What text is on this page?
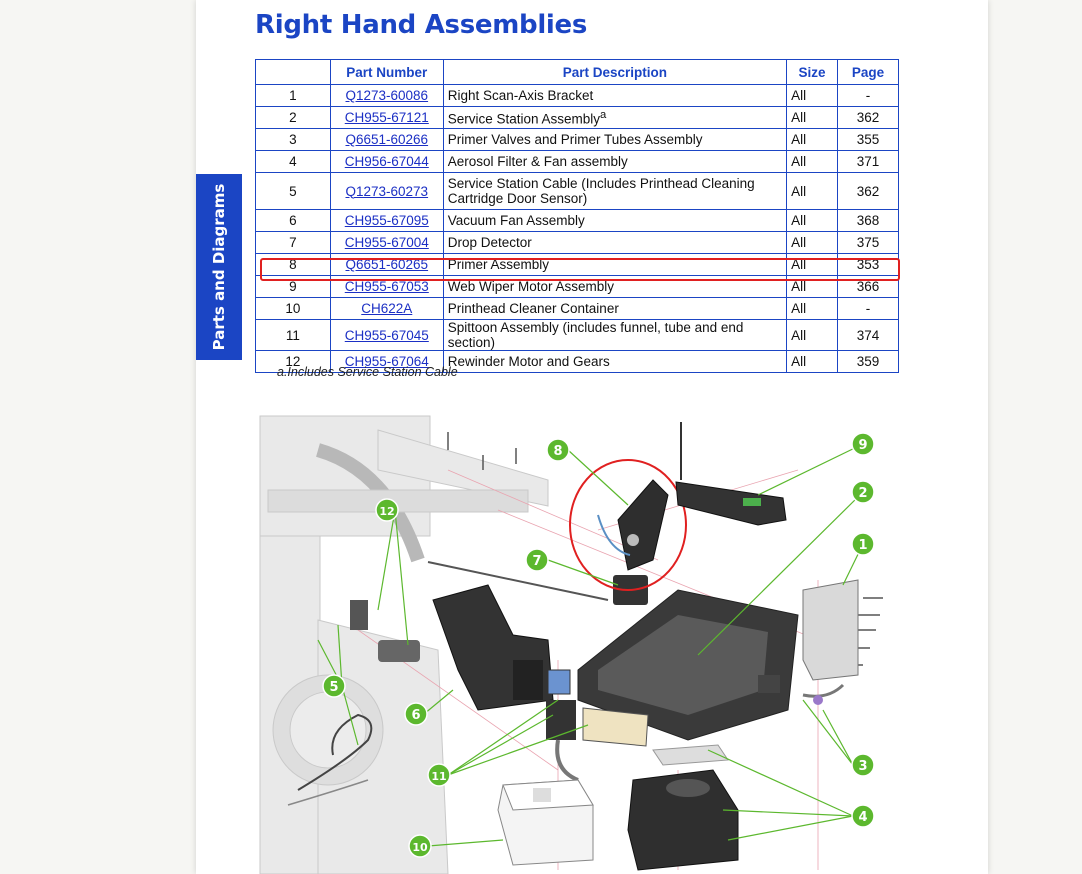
Parts and Diagrams
Right Hand Assemblies
	Part Number	Part Description	Size	Page
1	Q1273-60086	Right Scan-Axis Bracket	All	-
2	CH955-67121	Service Station Assembly$^a$	All	362
3	Q6651-60266	Primer Valves and Primer Tubes Assembly	All	355
4	CH956-67044	Aerosol Filter & Fan assembly	All	371
5	Q1273-60273	Service Station Cable (Includes Printhead Cleaning Cartridge Door Sensor)	All	362
6	CH955-67095	Vacuum Fan Assembly	All	368
7	CH955-67004	Drop Detector	All	375
8	Q6651-60265	Primer Assembly	All	353
9	CH955-67053	Web Wiper Motor Assembly	All	366
10	CH622A	Printhead Cleaner Container	All	-
11	CH955-67045	Spittoon Assembly (includes funnel, tube and end section)	All	374
12	CH955-67064	Rewinder Motor and Gears	All	359
a.Includes Service Station Cable
1
2
3
4
5
6
7
8	9
10
11
12
